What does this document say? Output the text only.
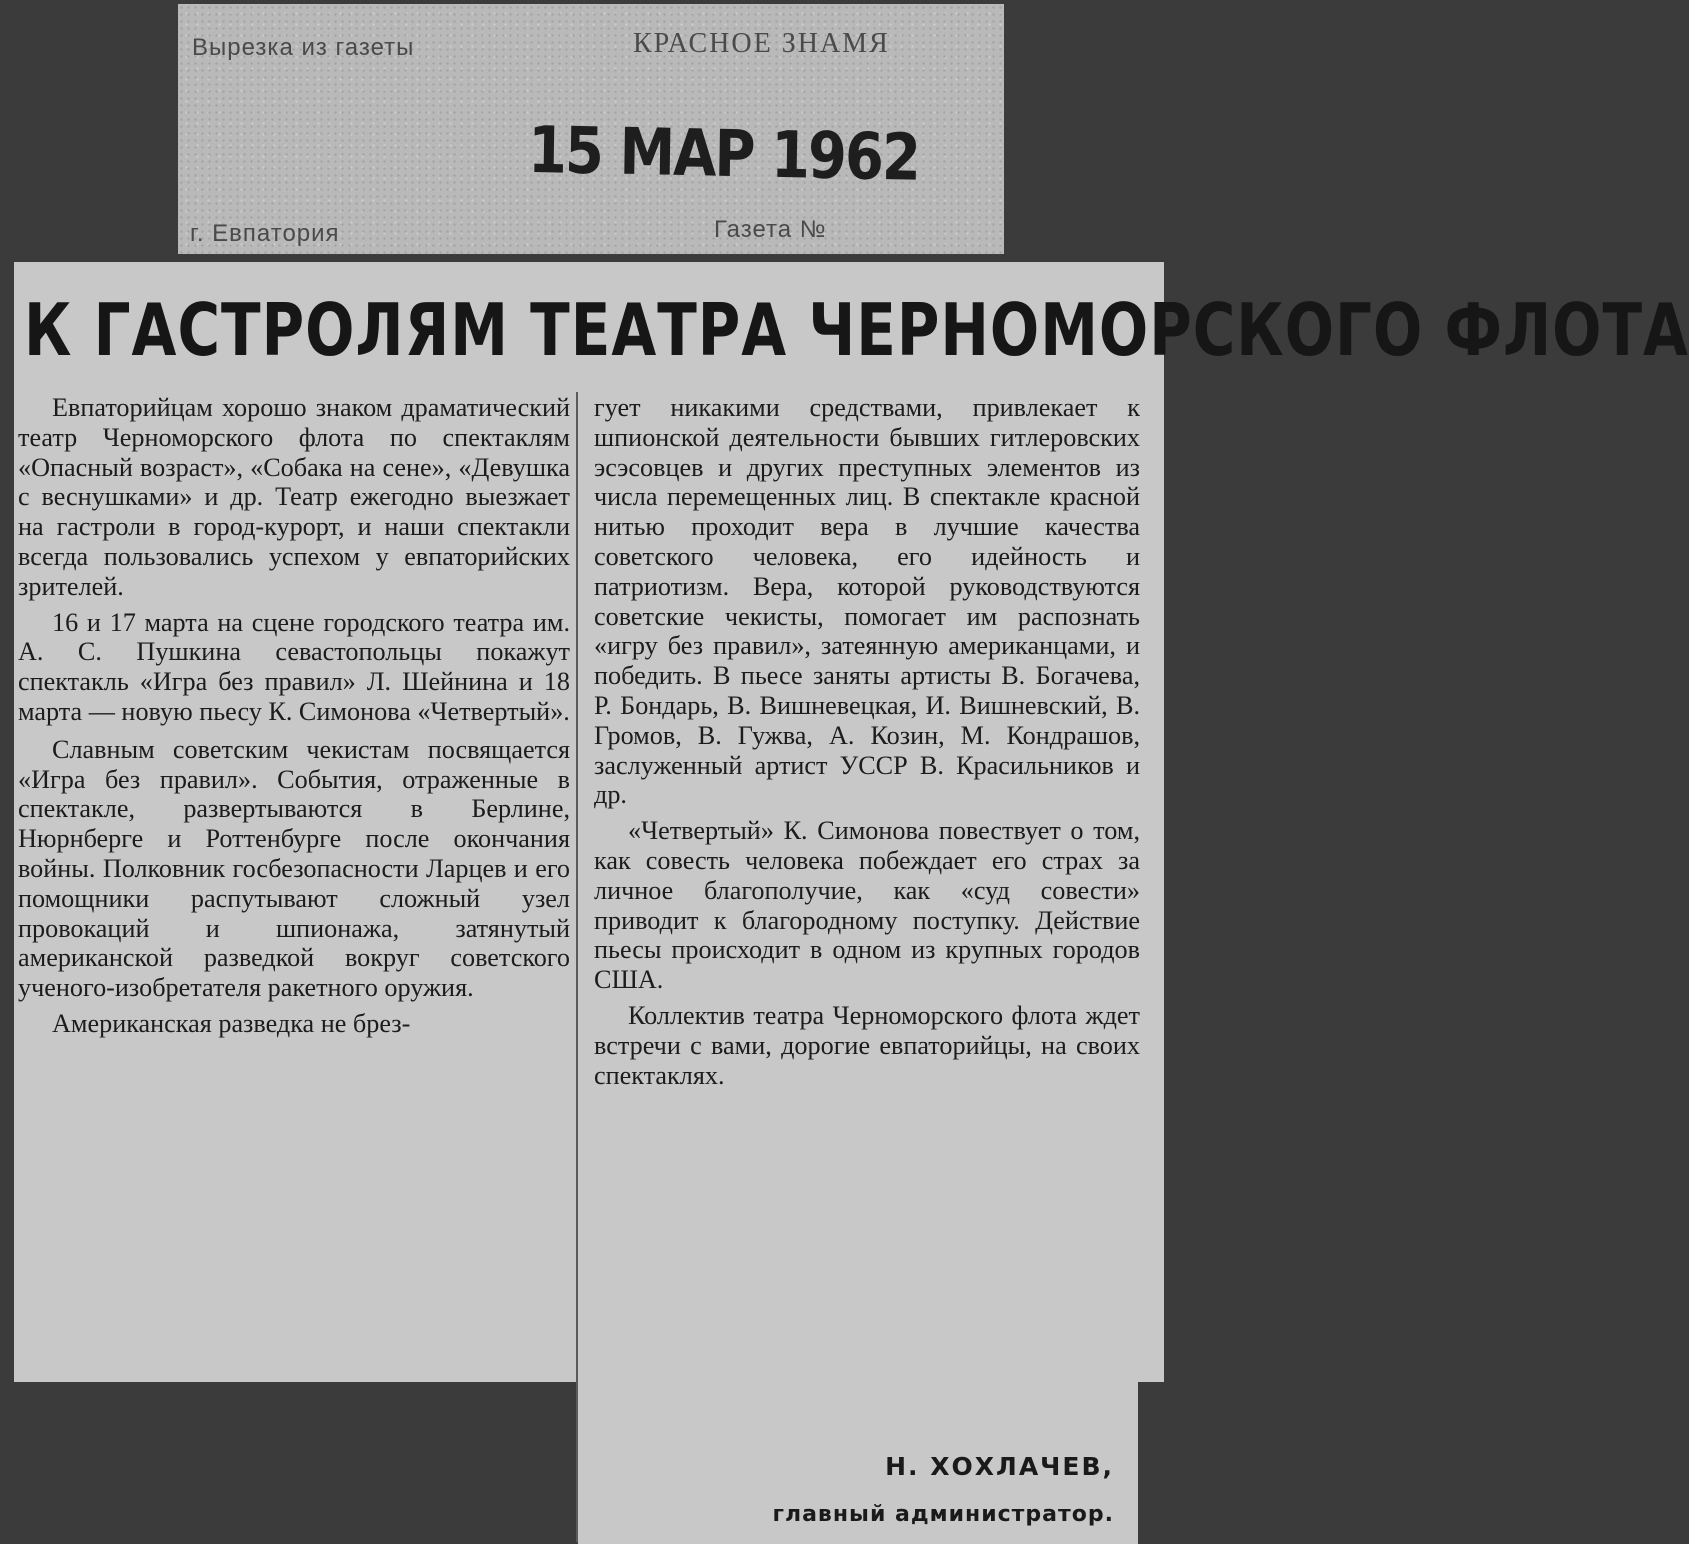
Вырезка из газеты	КРАСНОЕ ЗНАМЯ
15 МАР 1962
г. Евпатория	Газета №
К ГАСТРОЛЯМ ТЕАТРА ЧЕРНОМОРСКОГО ФЛОТА

Евпаторийцам хорошо знаком драматический театр Черноморского флота по спектаклям «Опасный возраст», «Собака на сене», «Девушка с веснушками» и др. Театр ежегодно выезжает на гастроли в город-курорт, и наши спектакли всегда пользовались успехом у евпаторийских зрителей.

16 и 17 марта на сцене городского театра им. А. С. Пушкина севастопольцы покажут спектакль «Игра без правил» Л. Шейнина и 18 марта — новую пьесу К. Симонова «Четвертый».

Славным советским чекистам посвящается «Игра без правил». События, отраженные в спектакле, развертываются в Берлине, Нюрнберге и Роттенбурге после окончания войны. Полковник госбезопасности Ларцев и его помощники распутывают сложный узел провокаций и шпионажа, затянутый американской разведкой вокруг советского ученого-изобретателя ракетного оружия.

Американская разведка не брез-

гует никакими средствами, привлекает к шпионской деятельности бывших гитлеровских эсэсовцев и других преступных элементов из числа перемещенных лиц. В спектакле красной нитью проходит вера в лучшие качества советского человека, его идейность и патриотизм. Вера, которой руководствуются советские чекисты, помогает им распознать «игру без правил», затеянную американцами, и победить. В пьесе заняты артисты В. Богачева, Р. Бондарь, В. Вишневецкая, И. Вишневский, В. Громов, В. Гужва, А. Козин, М. Кондрашов, заслуженный артист УССР В. Красильников и др.

«Четвертый» К. Симонова повествует о том, как совесть человека побеждает его страх за личное благополучие, как «суд совести» приводит к благородному поступку. Действие пьесы происходит в одном из крупных городов США.

Коллектив театра Черноморского флота ждет встречи с вами, дорогие евпаторийцы, на своих спектаклях.

Н. ХОХЛАЧЕВ,
главный администратор.
